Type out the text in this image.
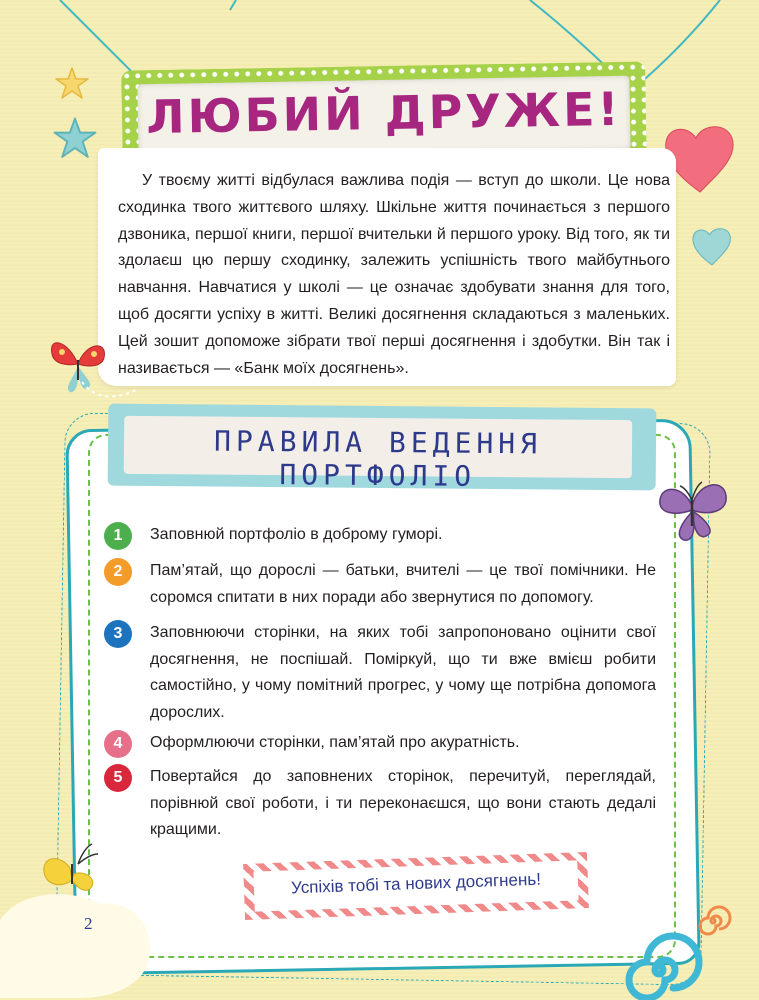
ЛЮБИЙ ДРУЖЕ!

У твоєму житті відбулася важлива подія — вступ до школи. Це нова сходинка твого життєвого шляху. Шкільне життя починається з першого дзвоника, першої книги, першої вчительки й першого уроку. Від того, як ти здолаєш цю першу сходинку, залежить успішність твого майбутнього навчання. Навчатися у школі — це означає здобувати знання для того, щоб досягти успіху в житті. Великі досягнення складаються з маленьких. Цей зошит допоможе зібрати твої перші досягнення і здобутки. Він так і називається — «Банк моїх досягнень».

ПРАВИЛА ВЕДЕННЯ ПОРТФОЛІО
1	Заповнюй портфоліо в доброму гуморі.
2	Пам’ятай, що дорослі — батьки, вчителі — це твої помічники. Не соромся спитати в них поради або звернутися по допомогу.
3	Заповнюючи сторінки, на яких тобі запропоновано оцінити свої досягнення, не поспішай. Поміркуй, що ти вже вмієш робити самостійно, у чому помітний прогрес, у чому ще потрібна допомога дорослих.
4	Оформлюючи сторінки, пам’ятай про акуратність.
5	Повертайся до заповнених сторінок, перечитуй, переглядай, порівнюй свої роботи, і ти переконаєшся, що вони стають дедалі кращими.
2
Успіхів тобі та нових досягнень!
